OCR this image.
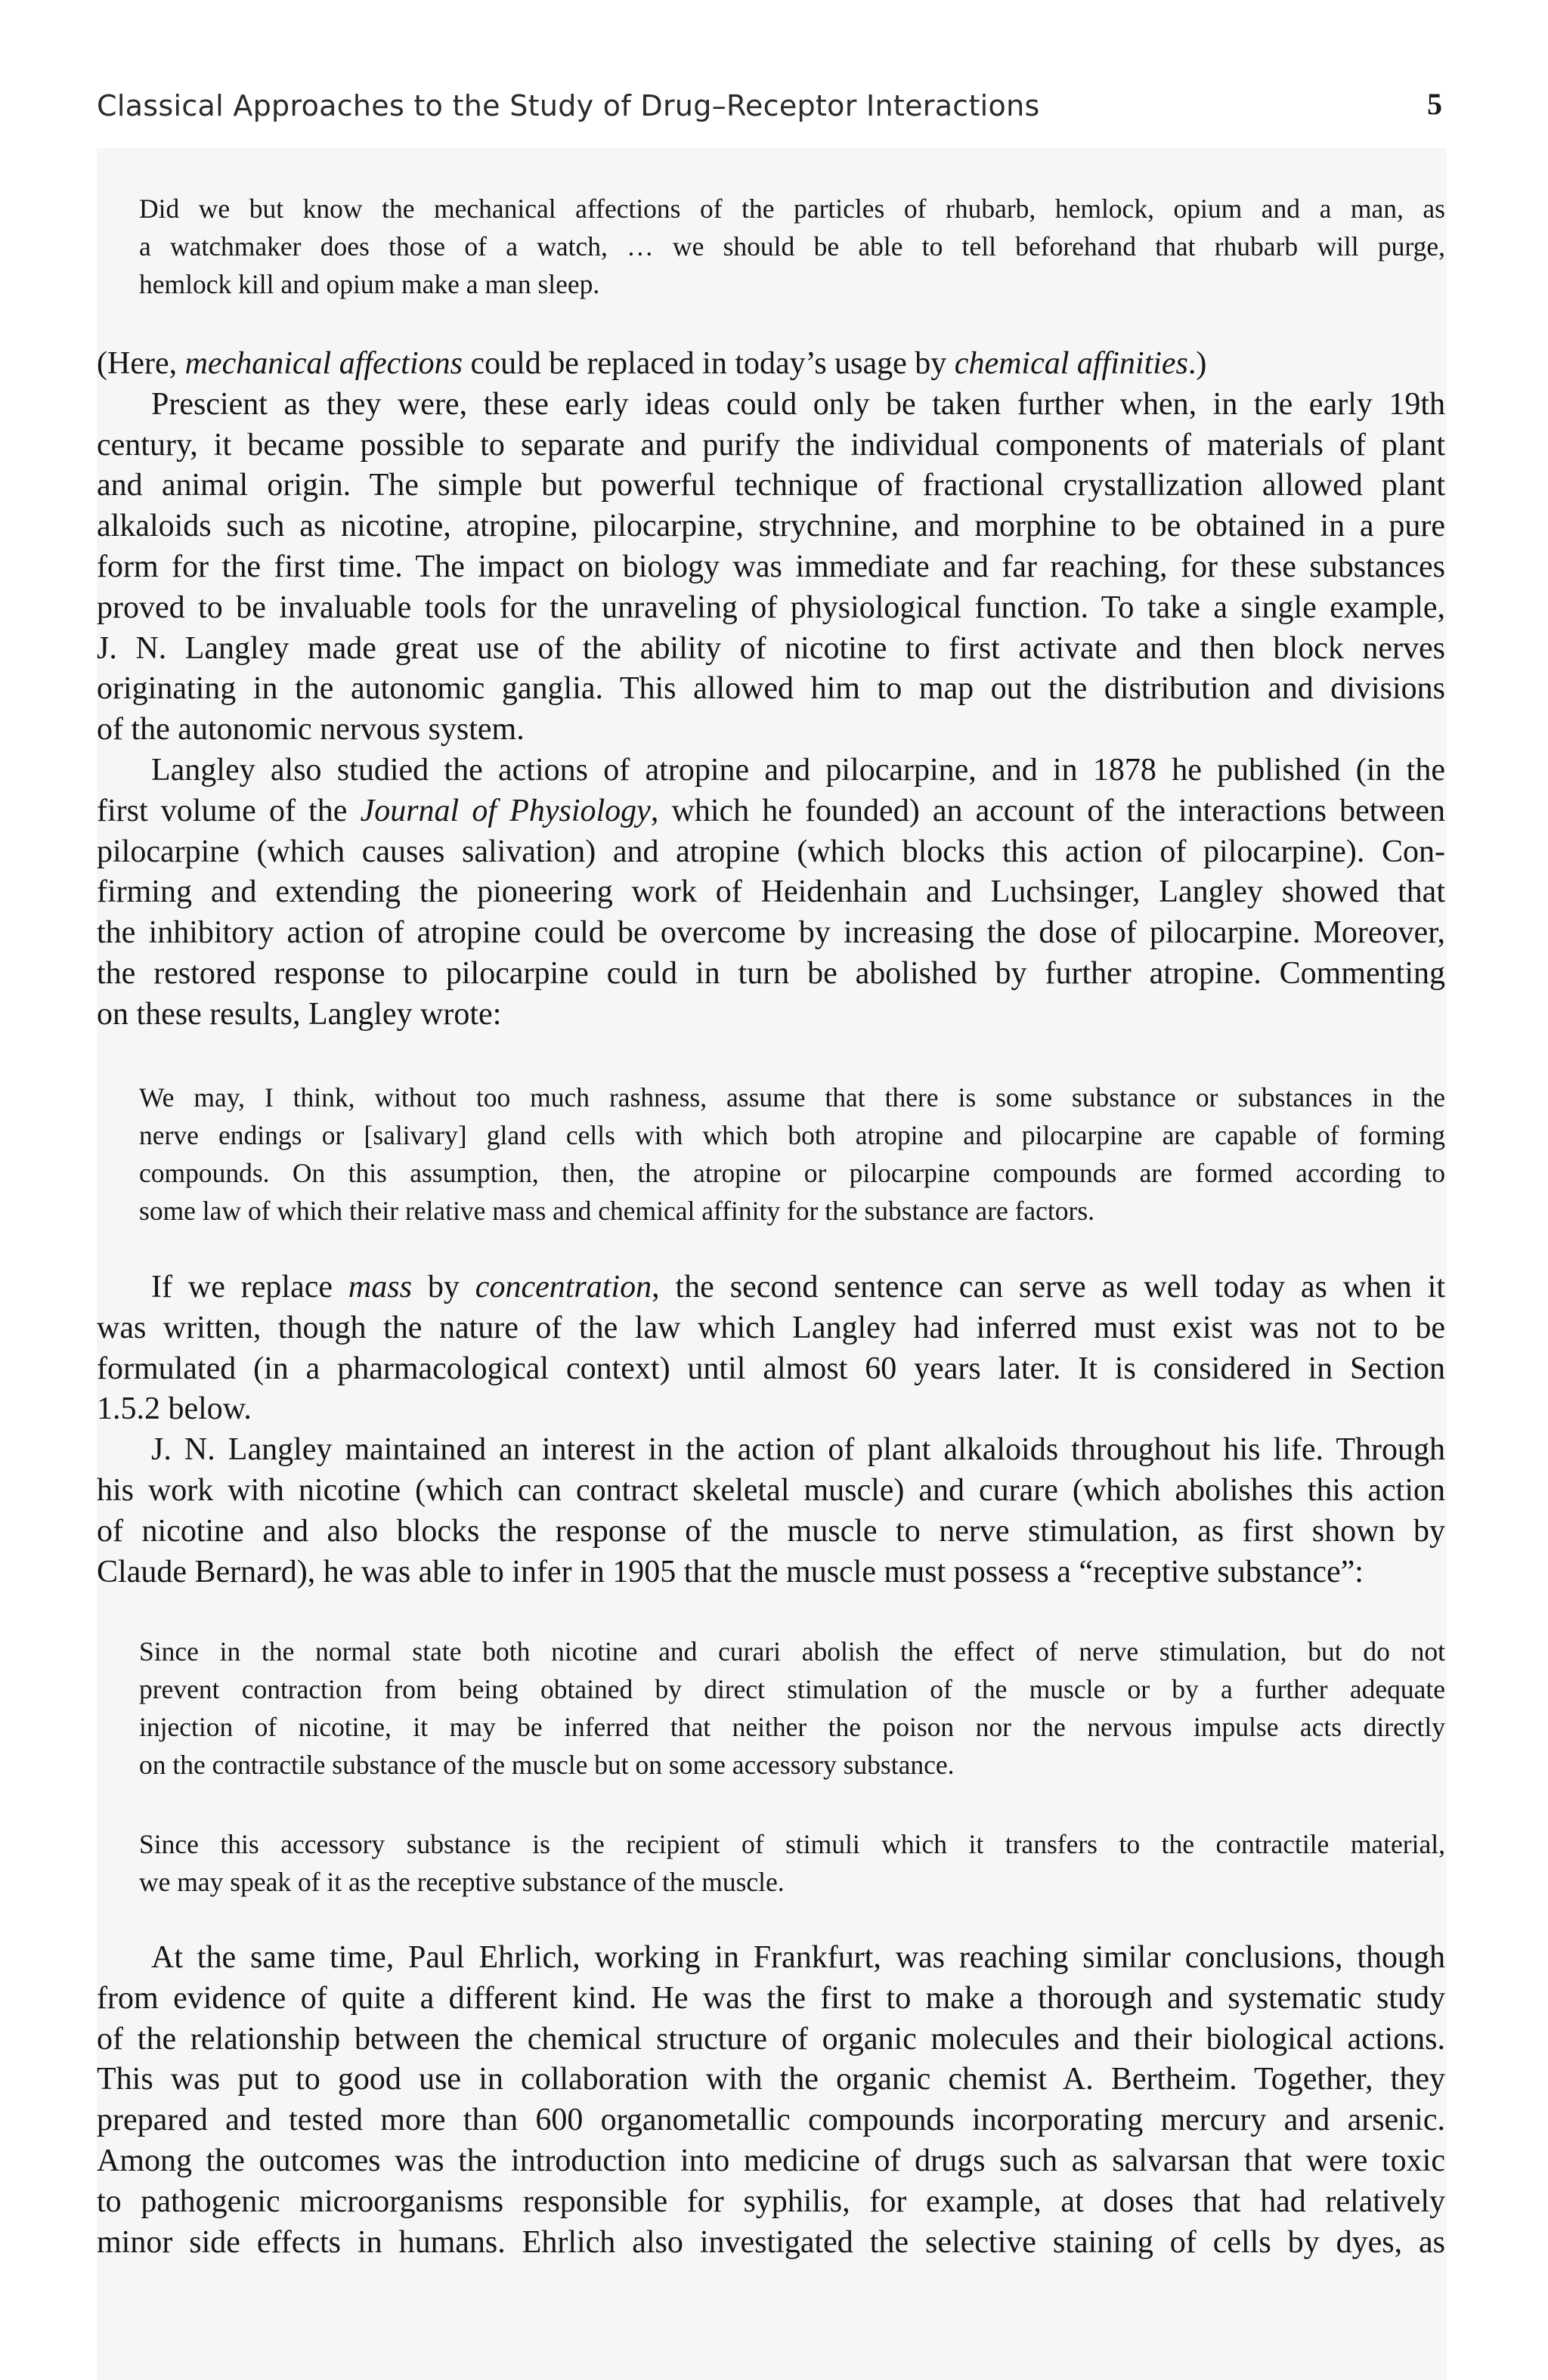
Classical Approaches to the Study of Drug–Receptor Interactions	5
Did we but know the mechanical affections of the particles of rhubarb, hemlock, opium and a man, as
a watchmaker does those of a watch, … we should be able to tell beforehand that rhubarb will purge,
hemlock kill and opium make a man sleep.
(Here, mechanical affections could be replaced in today’s usage by chemical affinities.)
Prescient as they were, these early ideas could only be taken further when, in the early 19th
century, it became possible to separate and purify the individual components of materials of plant
and animal origin. The simple but powerful technique of fractional crystallization allowed plant
alkaloids such as nicotine, atropine, pilocarpine, strychnine, and morphine to be obtained in a pure
form for the first time. The impact on biology was immediate and far reaching, for these substances
proved to be invaluable tools for the unraveling of physiological function. To take a single example,
J. N. Langley made great use of the ability of nicotine to first activate and then block nerves
originating in the autonomic ganglia. This allowed him to map out the distribution and divisions
of the autonomic nervous system.
Langley also studied the actions of atropine and pilocarpine, and in 1878 he published (in the
first volume of the Journal of Physiology, which he founded) an account of the interactions between
pilocarpine (which causes salivation) and atropine (which blocks this action of pilocarpine). Con-
firming and extending the pioneering work of Heidenhain and Luchsinger, Langley showed that
the inhibitory action of atropine could be overcome by increasing the dose of pilocarpine. Moreover,
the restored response to pilocarpine could in turn be abolished by further atropine. Commenting
on these results, Langley wrote:
We may, I think, without too much rashness, assume that there is some substance or substances in the
nerve endings or [salivary] gland cells with which both atropine and pilocarpine are capable of forming
compounds. On this assumption, then, the atropine or pilocarpine compounds are formed according to
some law of which their relative mass and chemical affinity for the substance are factors.
If we replace mass by concentration, the second sentence can serve as well today as when it
was written, though the nature of the law which Langley had inferred must exist was not to be
formulated (in a pharmacological context) until almost 60 years later. It is considered in Section
1.5.2 below.
J. N. Langley maintained an interest in the action of plant alkaloids throughout his life. Through
his work with nicotine (which can contract skeletal muscle) and curare (which abolishes this action
of nicotine and also blocks the response of the muscle to nerve stimulation, as first shown by
Claude Bernard), he was able to infer in 1905 that the muscle must possess a “receptive substance”:
Since in the normal state both nicotine and curari abolish the effect of nerve stimulation, but do not
prevent contraction from being obtained by direct stimulation of the muscle or by a further adequate
injection of nicotine, it may be inferred that neither the poison nor the nervous impulse acts directly
on the contractile substance of the muscle but on some accessory substance.
Since this accessory substance is the recipient of stimuli which it transfers to the contractile material,
we may speak of it as the receptive substance of the muscle.
At the same time, Paul Ehrlich, working in Frankfurt, was reaching similar conclusions, though
from evidence of quite a different kind. He was the first to make a thorough and systematic study
of the relationship between the chemical structure of organic molecules and their biological actions.
This was put to good use in collaboration with the organic chemist A. Bertheim. Together, they
prepared and tested more than 600 organometallic compounds incorporating mercury and arsenic.
Among the outcomes was the introduction into medicine of drugs such as salvarsan that were toxic
to pathogenic microorganisms responsible for syphilis, for example, at doses that had relatively
minor side effects in humans. Ehrlich also investigated the selective staining of cells by dyes, as
